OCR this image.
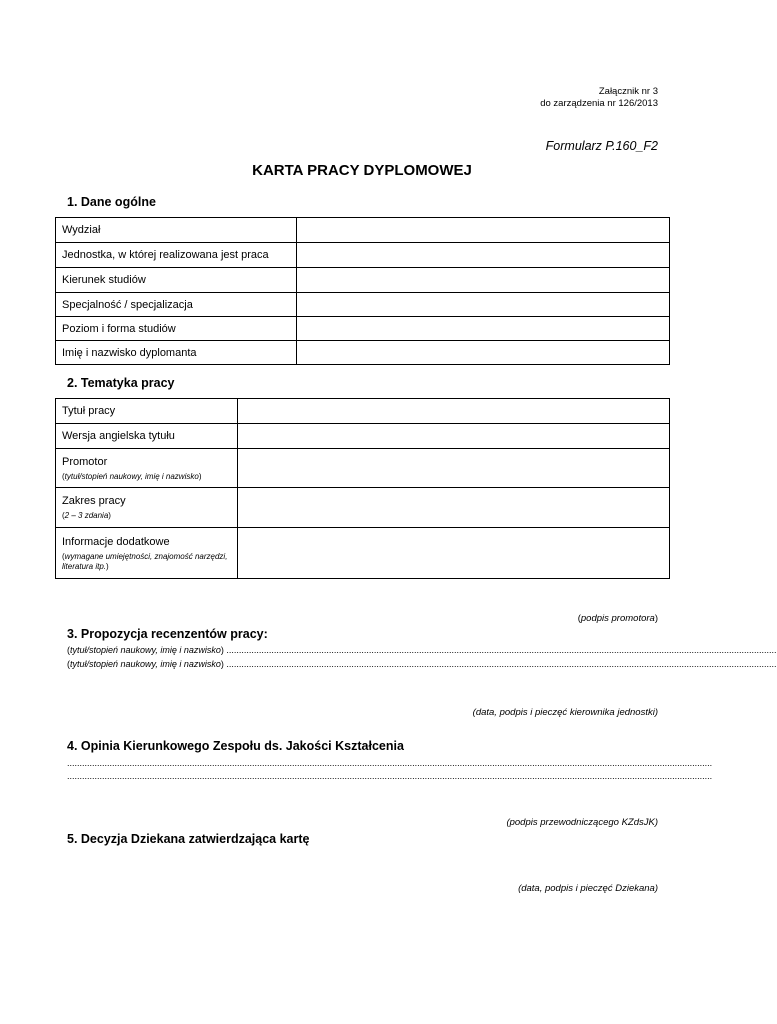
Załącznik nr 3
do zarządzenia nr 126/2013
Formularz P.160_F2
KARTA PRACY DYPLOMOWEJ
1. Dane ogólne
Wydział	
Jednostka, w której realizowana jest praca	
Kierunek studiów	
Specjalność / specjalizacja	
Poziom i forma studiów	
Imię i nazwisko dyplomanta	
2. Tematyka pracy
Tytuł pracy	
Wersja angielska tytułu	
Promotor
(tytuł/stopień naukowy, imię i nazwisko)	

Zakres pracy
(2 – 3 zdania)	

Informacje dodatkowe
(wymagane umiejętności, znajomość narzędzi, literatura itp.)	

(podpis promotora)
3. Propozycja recenzentów pracy:
(tytuł/stopień naukowy, imię i nazwisko) ............................................................................................................................................................................................................................
(tytuł/stopień naukowy, imię i nazwisko) ............................................................................................................................................................................................................................
(data, podpis i pieczęć kierownika jednostki)
4. Opinia Kierunkowego Zespołu ds. Jakości Kształcenia
..................................................................................................................................................................................................................................................................
..................................................................................................................................................................................................................................................................
(podpis przewodniczącego KZdsJK)
5. Decyzja Dziekana zatwierdzająca kartę
(data, podpis i pieczęć Dziekana)
